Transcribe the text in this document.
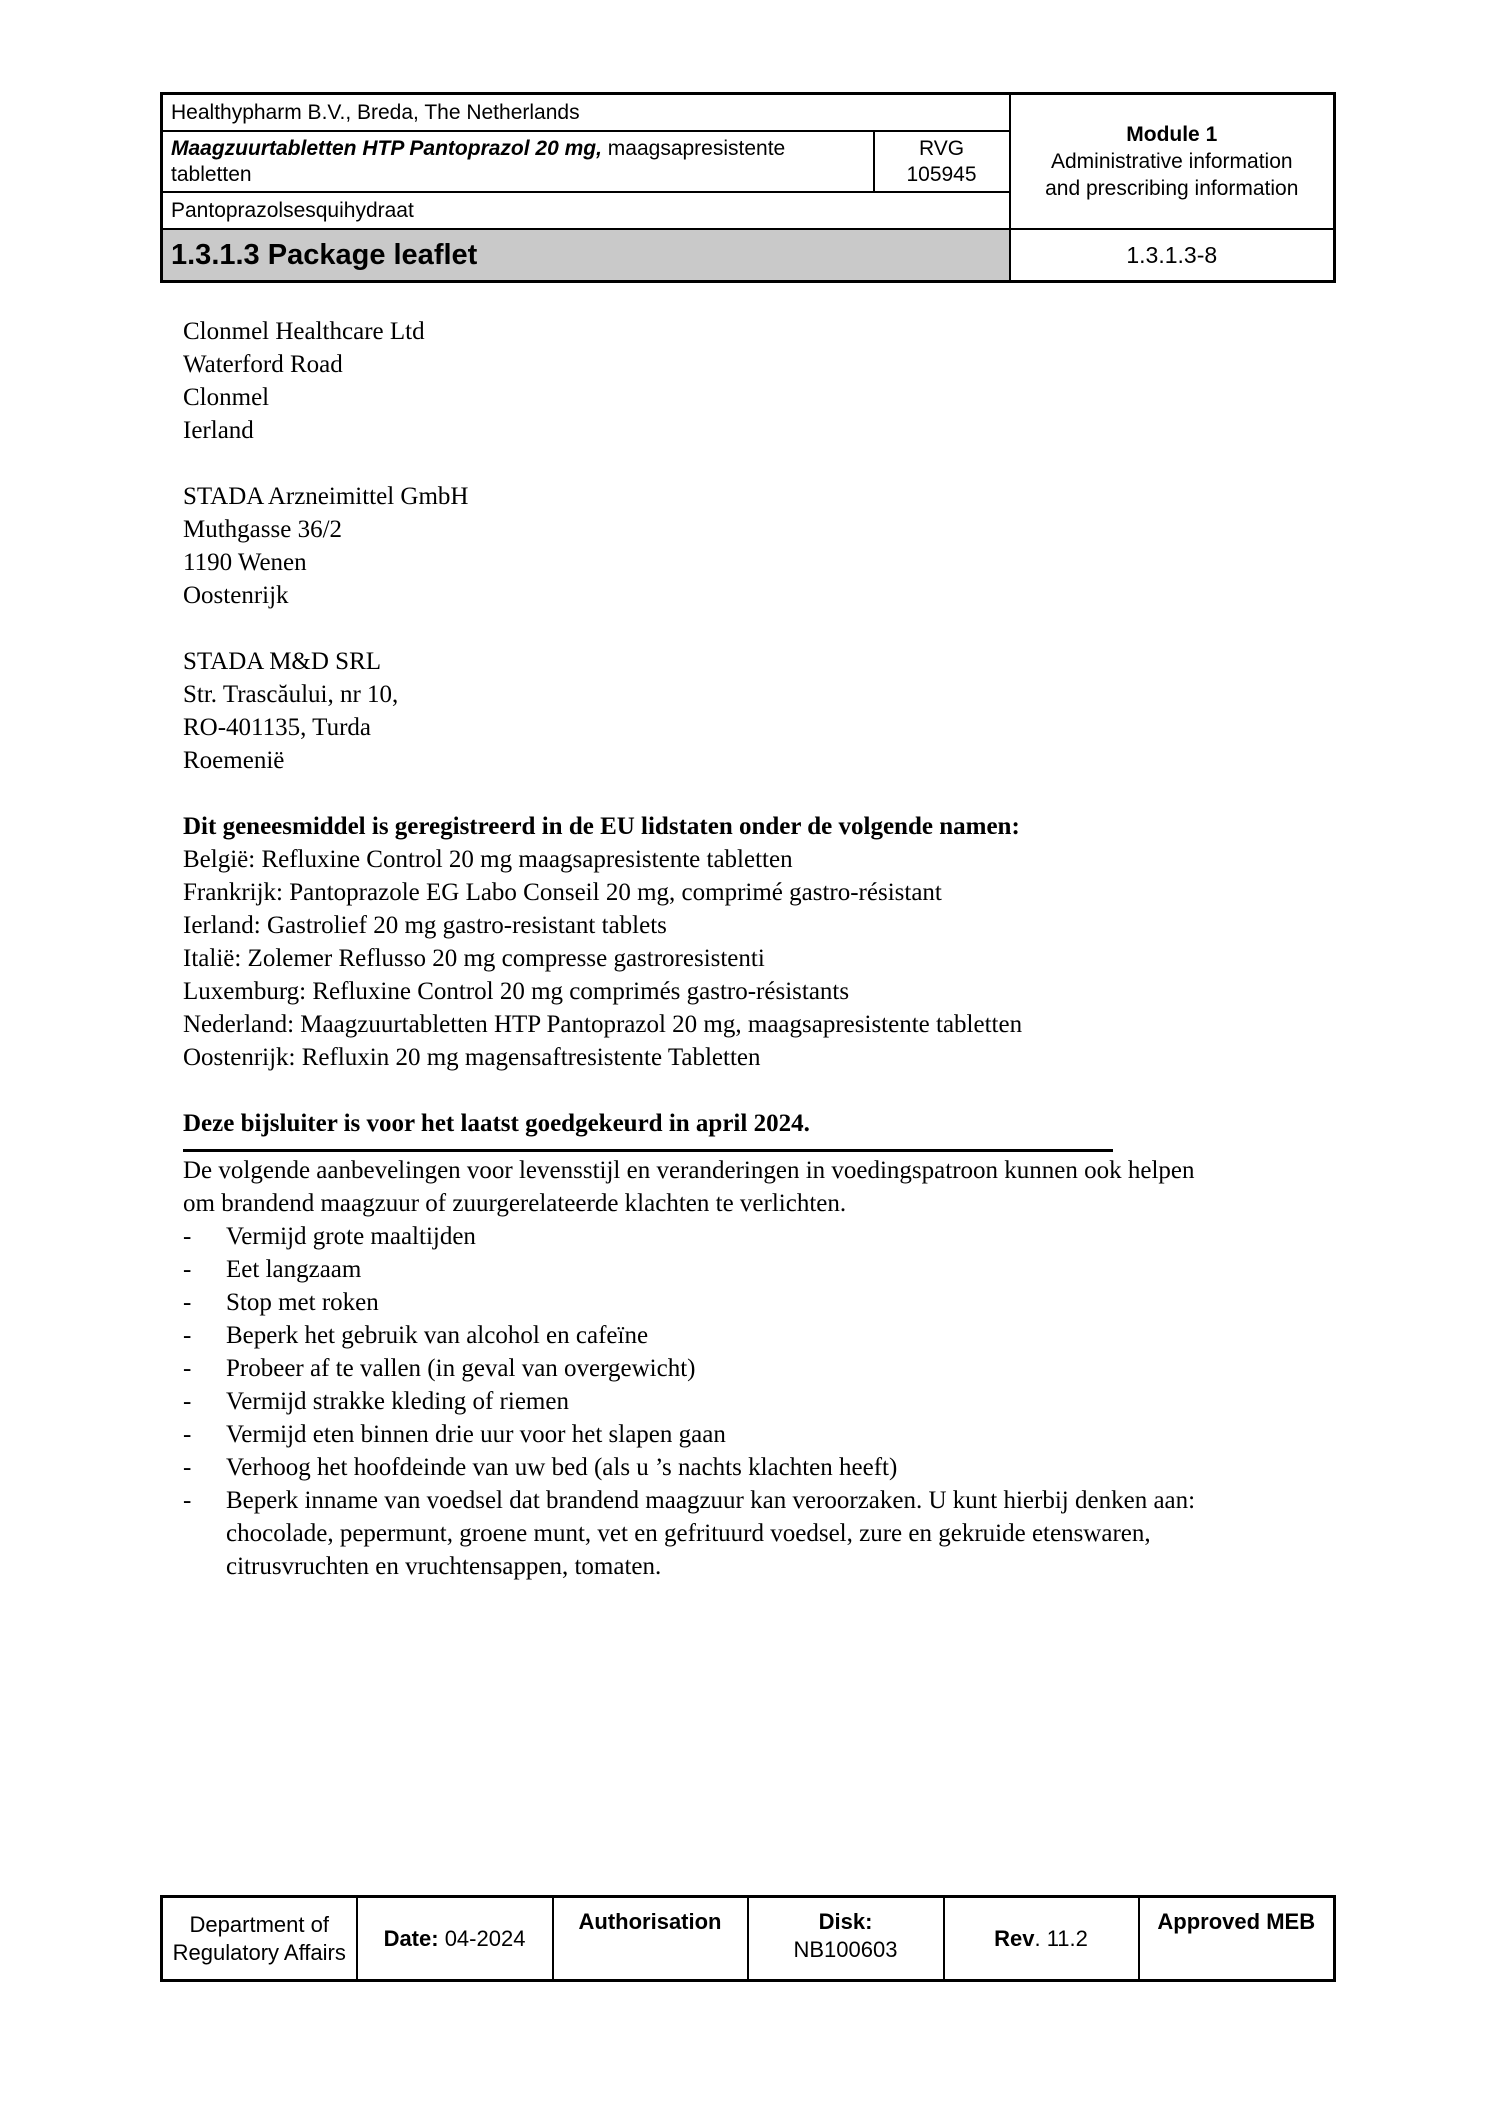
Healthypharm B.V., Breda, The Netherlands		Module 1
Administrative information
and prescribing information

Maagzuurtabletten HTP Pantoprazol 20 mg, maagsapresistente tabletten	RVG
105945	

Pantoprazolsesquihydraat		
1.3.1.3 Package leaflet		1.3.1.3-8
Clonmel Healthcare Ltd
Waterford Road
Clonmel
Ierland
STADA Arzneimittel GmbH
Muthgasse 36/2
1190 Wenen
Oostenrijk
STADA M&D SRL
Str. Trascăului, nr 10,
RO-401135, Turda
Roemenië
Dit geneesmiddel is geregistreerd in de EU lidstaten onder de volgende namen:
België: Refluxine Control 20 mg maagsapresistente tabletten
Frankrijk: Pantoprazole EG Labo Conseil 20 mg, comprimé gastro-résistant
Ierland: Gastrolief 20 mg gastro-resistant tablets
Italië: Zolemer Reflusso 20 mg compresse gastroresistenti
Luxemburg: Refluxine Control 20 mg comprimés gastro-résistants
Nederland: Maagzuurtabletten HTP Pantoprazol 20 mg, maagsapresistente tabletten
Oostenrijk: Refluxin 20 mg magensaftresistente Tabletten
Deze bijsluiter is voor het laatst goedgekeurd in april 2024.
De volgende aanbevelingen voor levensstijl en veranderingen in voedingspatroon kunnen ook helpen
om brandend maagzuur of zuurgerelateerde klachten te verlichten.
-	Vermijd grote maaltijden
-	Eet langzaam
-	Stop met roken
-	Beperk het gebruik van alcohol en cafeïne
-	Probeer af te vallen (in geval van overgewicht)
-	Vermijd strakke kleding of riemen
-	Vermijd eten binnen drie uur voor het slapen gaan
-	Verhoog het hoofdeinde van uw bed (als u ’s nachts klachten heeft)
-	Beperk inname van voedsel dat brandend maagzuur kan veroorzaken. U kunt hierbij denken aan:
chocolade, pepermunt, groene munt, vet en gefrituurd voedsel, zure en gekruide etenswaren,
citrusvruchten en vruchtensappen, tomaten.
Department of
Regulatory Affairs
	Date: 04-2024	Authorisation	Disk:
NB100603	Rev. 11.2	Approved MEB
